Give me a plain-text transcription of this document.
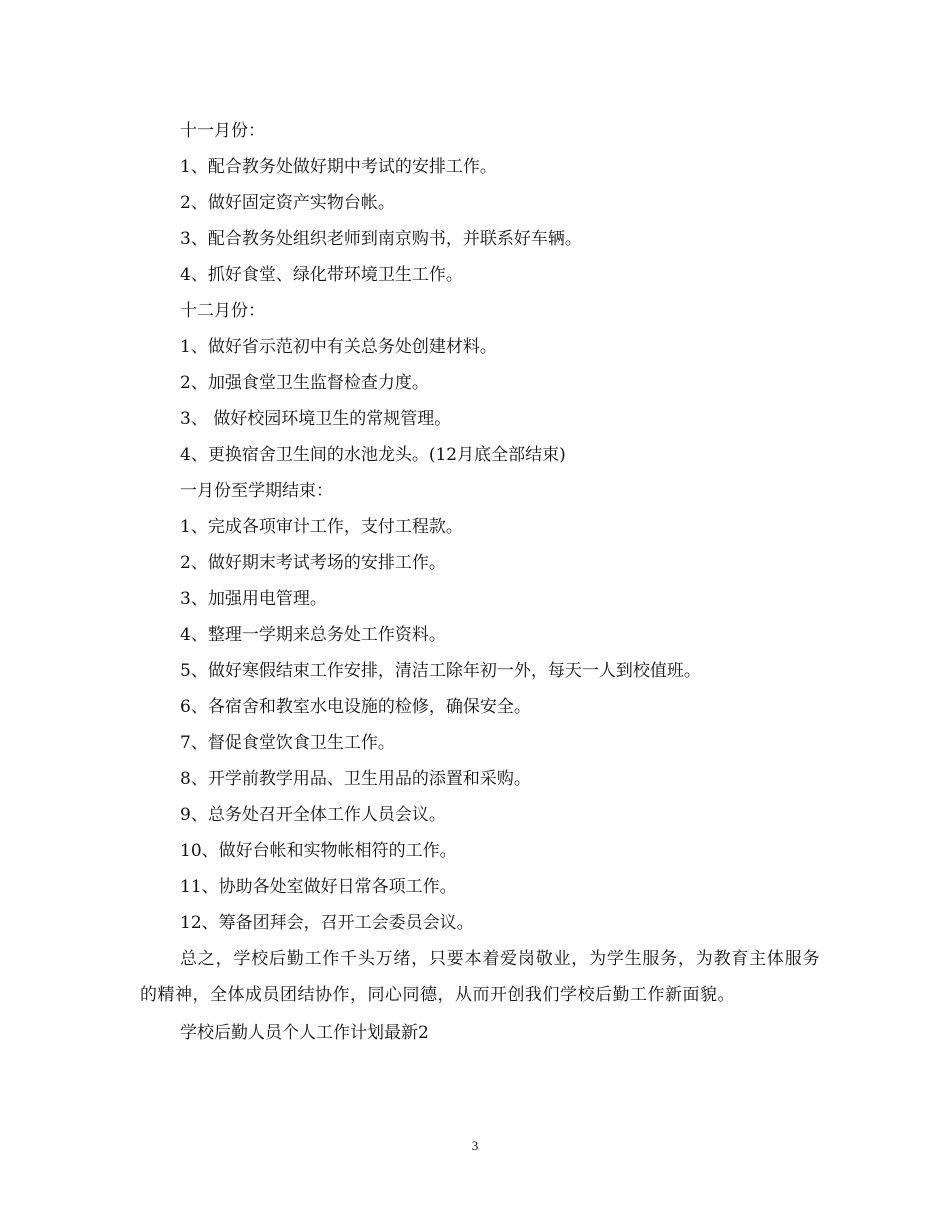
十一月份：
1、配合教务处做好期中考试的安排工作。
2、做好固定资产实物台帐。
3、配合教务处组织老师到南京购书，并联系好车辆。
4、抓好食堂、绿化带环境卫生工作。
十二月份：
1、做好省示范初中有关总务处创建材料。
2、加强食堂卫生监督检查力度。
3、 做好校园环境卫生的常规管理。
4、更换宿舍卫生间的水池龙头。(12月底全部结束)
一月份至学期结束：
1、完成各项审计工作，支付工程款。
2、做好期末考试考场的安排工作。
3、加强用电管理。
4、整理一学期来总务处工作资料。
5、做好寒假结束工作安排，清洁工除年初一外，每天一人到校值班。
6、各宿舍和教室水电设施的检修，确保安全。
7、督促食堂饮食卫生工作。
8、开学前教学用品、卫生用品的添置和采购。
9、总务处召开全体工作人员会议。
10、做好台帐和实物帐相符的工作。
11、协助各处室做好日常各项工作。
12、筹备团拜会，召开工会委员会议。

总之，学校后勤工作千头万绪，只要本着爱岗敬业，为学生服务，为教育主体服务的精神，全体成员团结协作，同心同德，从而开创我们学校后勤工作新面貌。

学校后勤人员个人工作计划最新2
3
